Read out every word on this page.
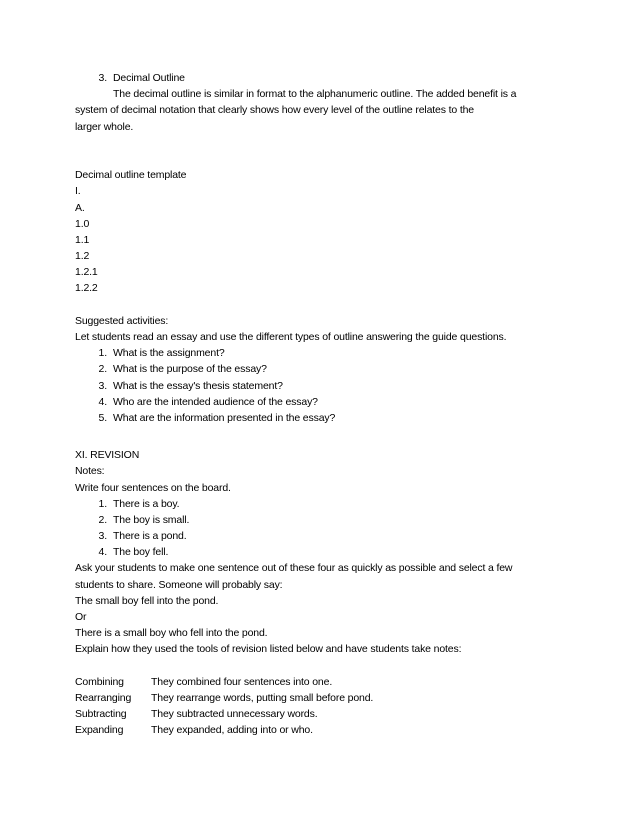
3. Decimal Outline
The decimal outline is similar in format to the alphanumeric outline. The added benefit is a
system of decimal notation that clearly shows how every level of the outline relates to the
larger whole.
Decimal outline template
I.
A.
1.0
1.1
1.2
1.2.1
1.2.2
Suggested activities:
Let students read an essay and use the different types of outline answering the guide questions.
1. What is the assignment?
2. What is the purpose of the essay?
3. What is the essay's thesis statement?
4. Who are the intended audience of the essay?
5. What are the information presented in the essay?
XI. REVISION
Notes:
Write four sentences on the board.
1. There is a boy.
2. The boy is small.
3. There is a pond.
4. The boy fell.
Ask your students to make one sentence out of these four as quickly as possible and select a few
students to share. Someone will probably say:
The small boy fell into the pond.
Or
There is a small boy who fell into the pond.
Explain how they used the tools of revision listed below and have students take notes:
Combining	They combined four sentences into one.
Rearranging	They rearrange words, putting small before pond.
Subtracting	They subtracted unnecessary words.
Expanding	They expanded, adding into or who.
